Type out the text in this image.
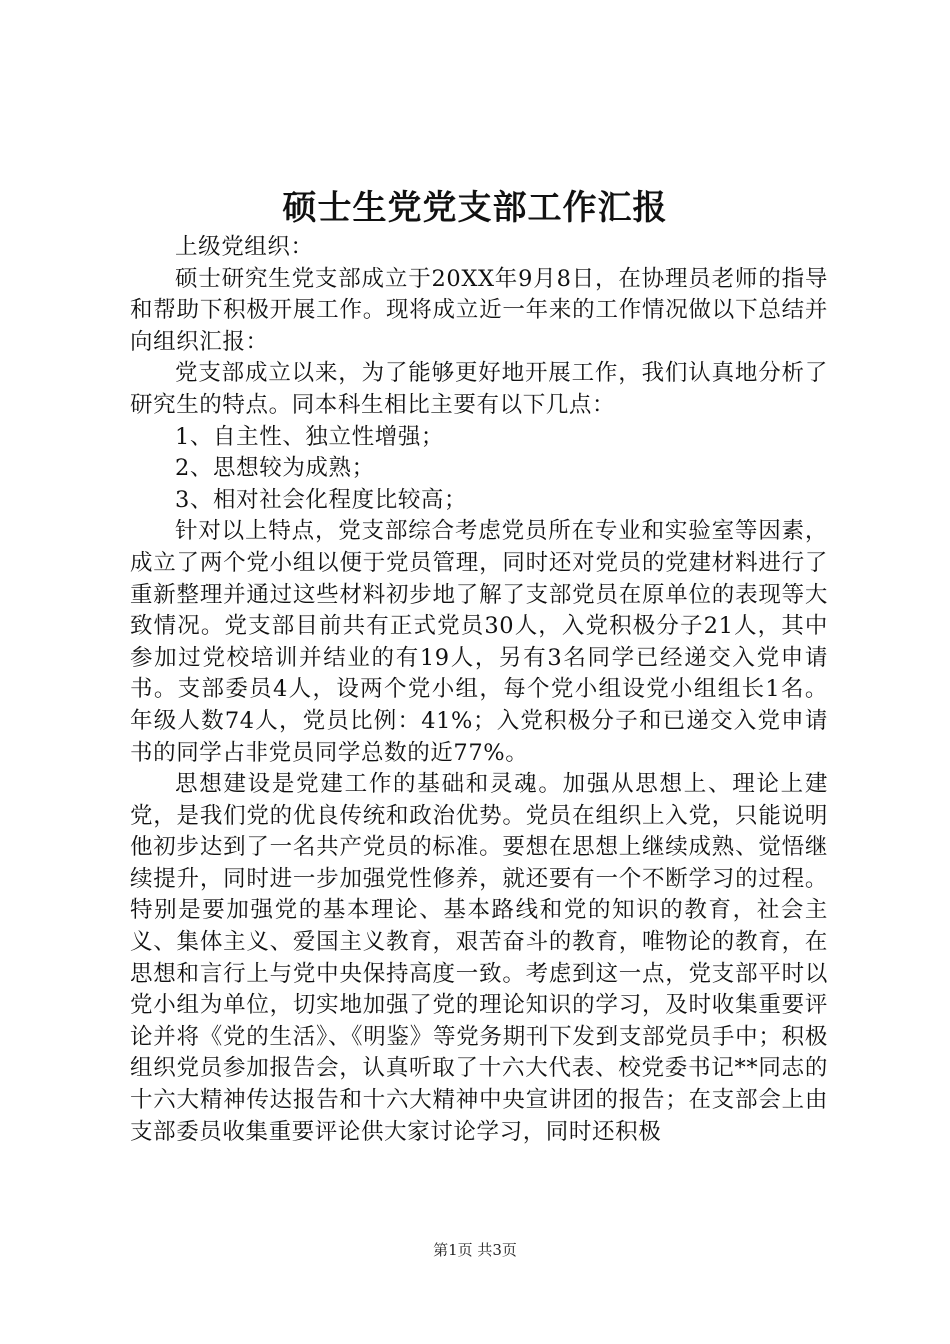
硕士生党党支部工作汇报

上级党组织：

硕士研究生党支部成立于20XX年9月8日，在协理员老师的指导和帮助下积极开展工作。现将成立近一年来的工作情况做以下总结并向组织汇报：

党支部成立以来，为了能够更好地开展工作，我们认真地分析了研究生的特点。同本科生相比主要有以下几点：

1、自主性、独立性增强；

2、思想较为成熟；

3、相对社会化程度比较高；

针对以上特点，党支部综合考虑党员所在专业和实验室等因素，成立了两个党小组以便于党员管理，同时还对党员的党建材料进行了重新整理并通过这些材料初步地了解了支部党员在原单位的表现等大致情况。党支部目前共有正式党员30人，入党积极分子21人，其中参加过党校培训并结业的有19人，另有3名同学已经递交入党申请书。支部委员4人，设两个党小组，每个党小组设党小组组长1名。年级人数74人，党员比例：41%；入党积极分子和已递交入党申请书的同学占非党员同学总数的近77%。

思想建设是党建工作的基础和灵魂。加强从思想上、理论上建党，是我们党的优良传统和政治优势。党员在组织上入党，只能说明他初步达到了一名共产党员的标准。要想在思想上继续成熟、觉悟继续提升，同时进一步加强党性修养，就还要有一个不断学习的过程。特别是要加强党的基本理论、基本路线和党的知识的教育，社会主义、集体主义、爱国主义教育，艰苦奋斗的教育，唯物论的教育，在思想和言行上与党中央保持高度一致。考虑到这一点，党支部平时以党小组为单位，切实地加强了党的理论知识的学习，及时收集重要评论并将《党的生活》、《明鉴》等党务期刊下发到支部党员手中；积极组织党员参加报告会，认真听取了十六大代表、校党委书记**同志的十六大精神传达报告和十六大精神中央宣讲团的报告；在支部会上由支部委员收集重要评论供大家讨论学习，同时还积极

第1页 共3页
